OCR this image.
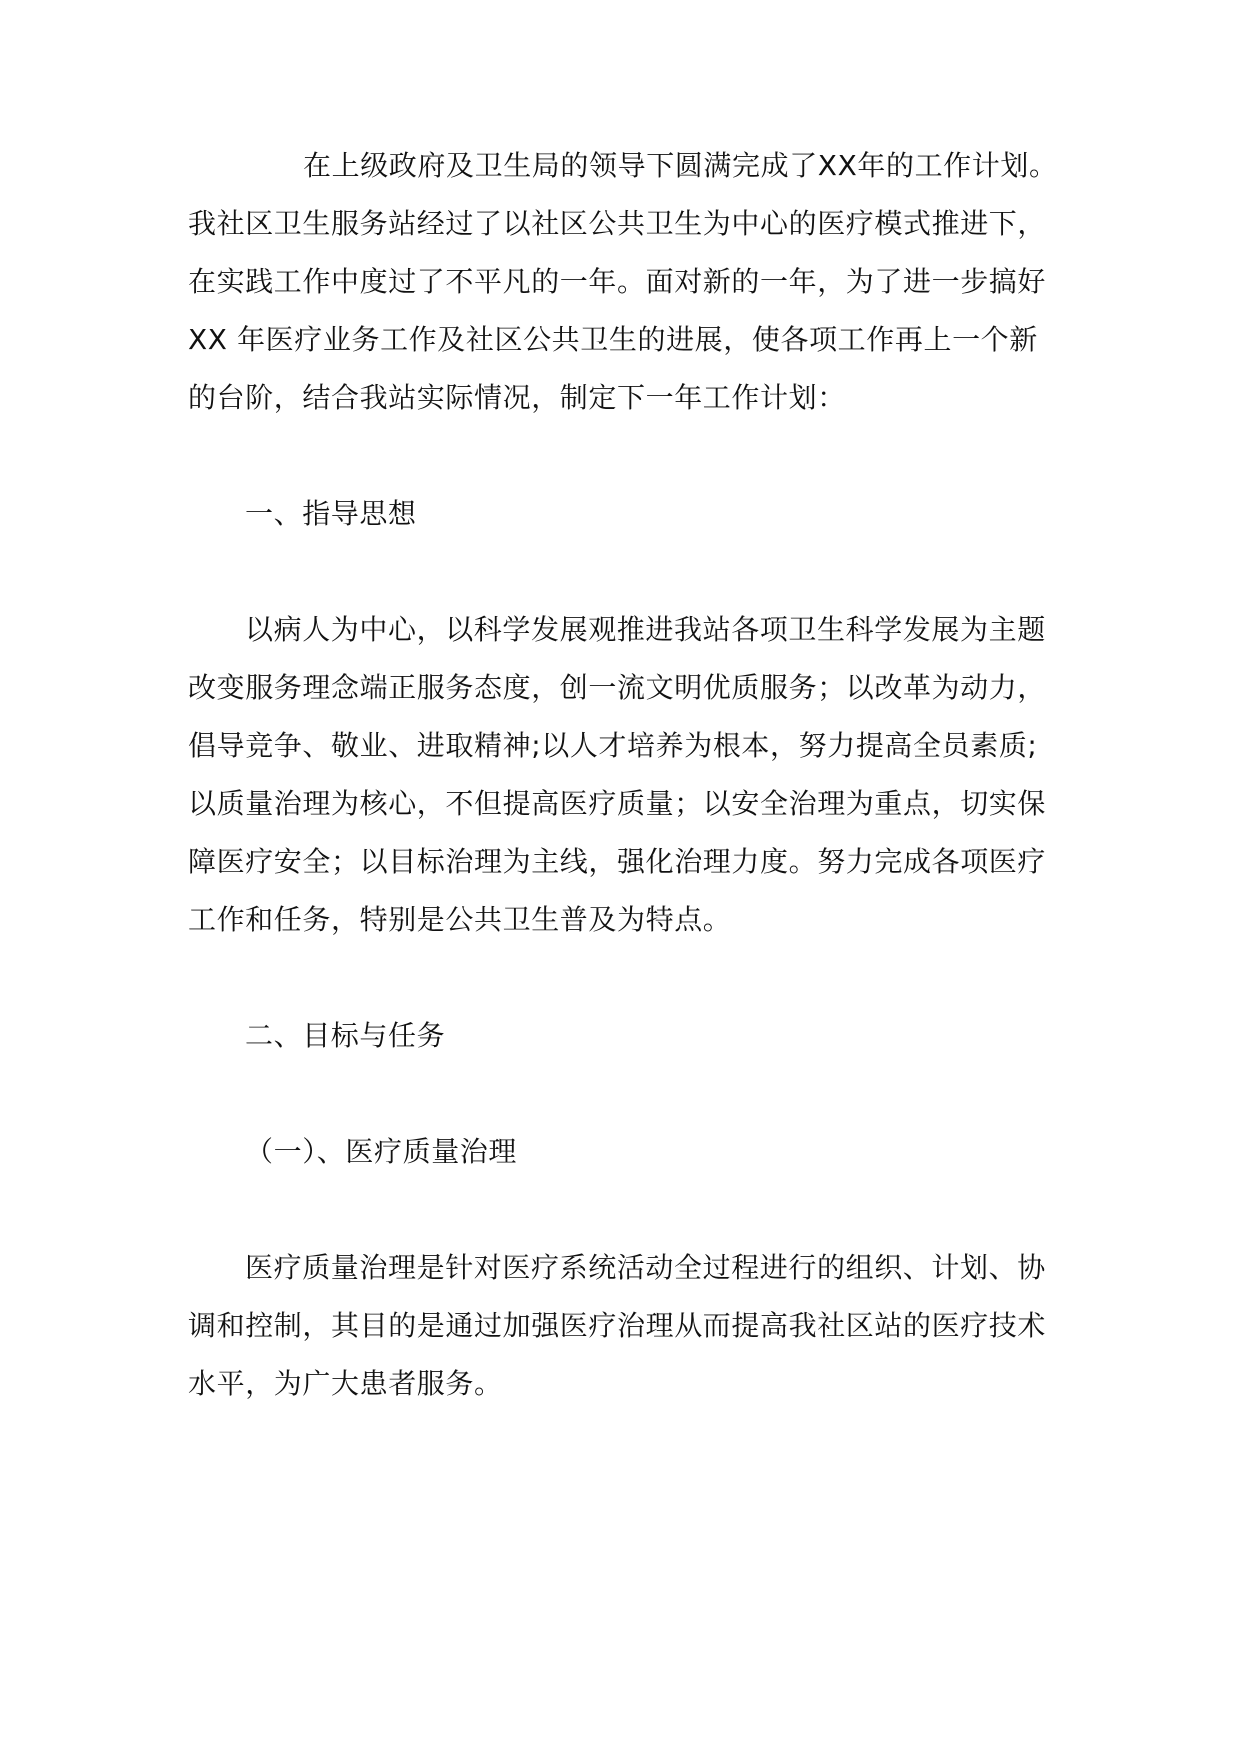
在上级政府及卫生局的领导下圆满完成了XX年的工作计划。
我社区卫生服务站经过了以社区公共卫生为中心的医疗模式推进下，
在实践工作中度过了不平凡的一年。面对新的一年，为了进一步搞好
XX 年医疗业务工作及社区公共卫生的进展，使各项工作再上一个新
的台阶，结合我站实际情况，制定下一年工作计划：
一、指导思想
以病人为中心，以科学发展观推进我站各项卫生科学发展为主题
改变服务理念端正服务态度，创一流文明优质服务；以改革为动力，
倡导竞争、敬业、进取精神;以人才培养为根本，努力提高全员素质;
以质量治理为核心，不但提高医疗质量；以安全治理为重点，切实保
障医疗安全；以目标治理为主线，强化治理力度。努力完成各项医疗
工作和任务，特别是公共卫生普及为特点。
二、目标与任务
（一）、医疗质量治理
医疗质量治理是针对医疗系统活动全过程进行的组织、计划、协
调和控制，其目的是通过加强医疗治理从而提高我社区站的医疗技术
水平，为广大患者服务。
